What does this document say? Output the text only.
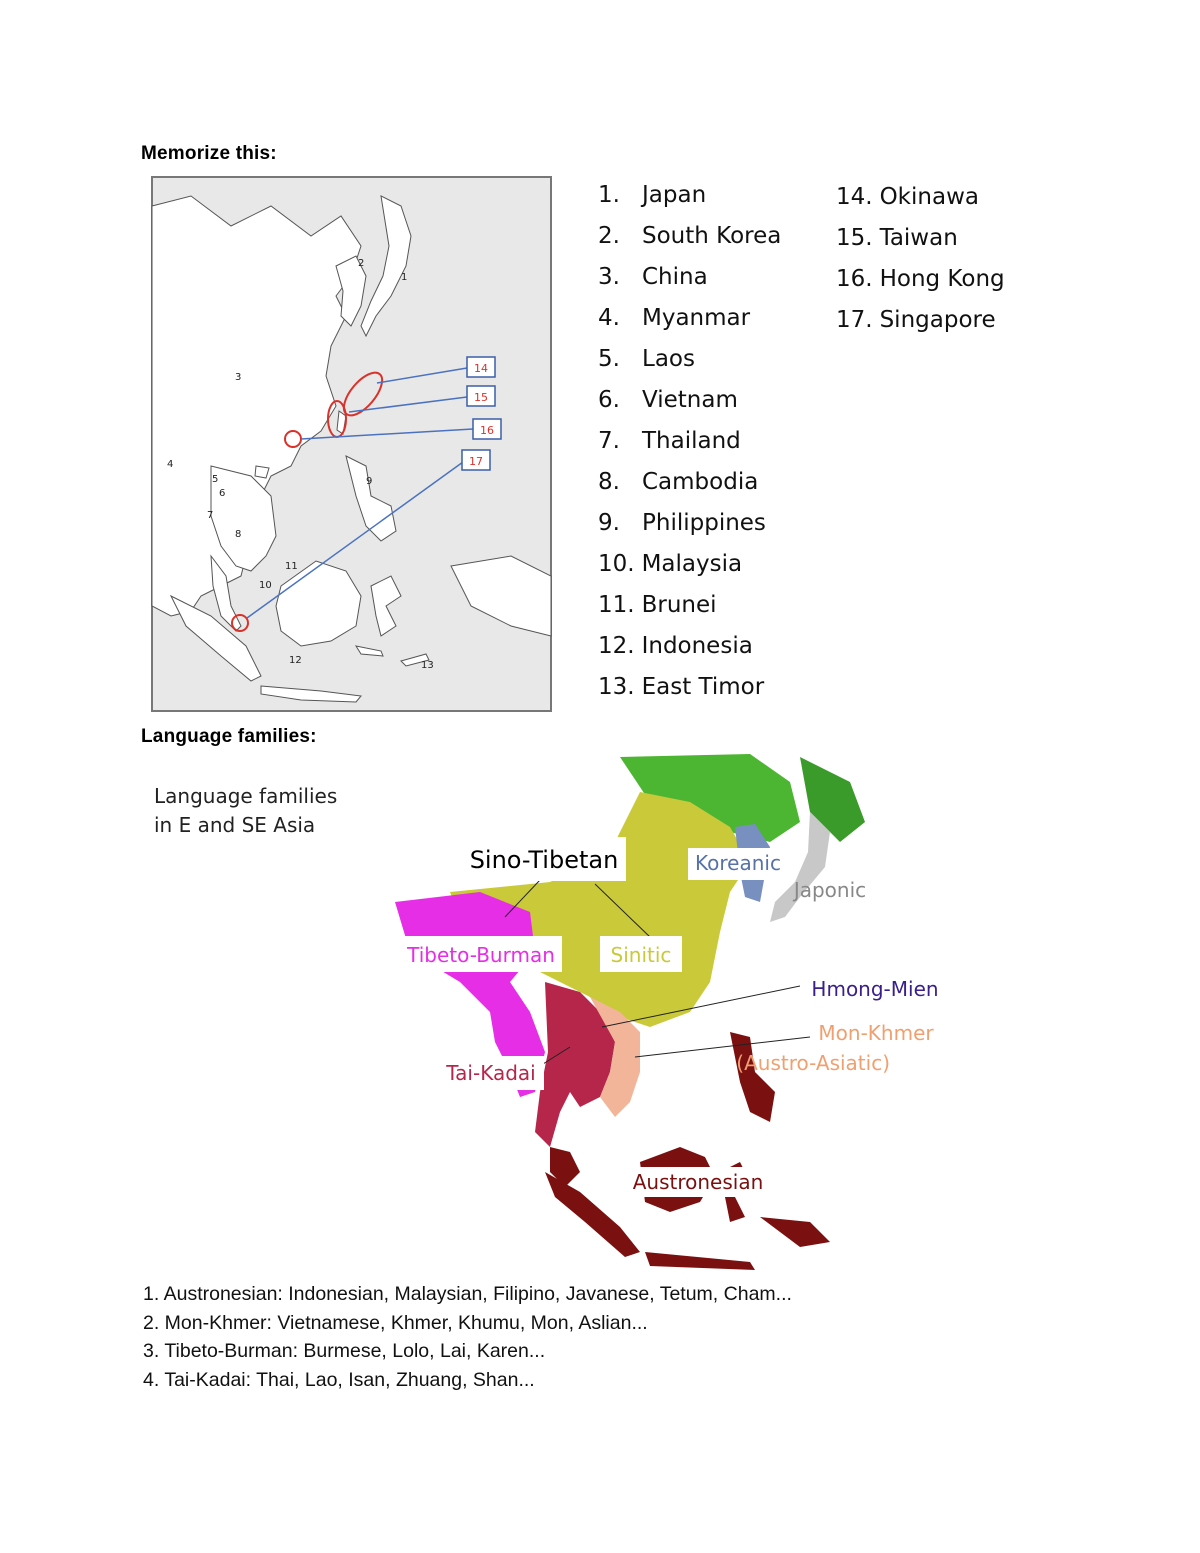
Memorize this:
14
15
16
17
1
2
3
4
5
6
7
8
9
10
11
12	13
1. Japan
2. South Korea
3. China
4. Myanmar
5. Laos
6. Vietnam
7. Thailand
8. Cambodia
9. Philippines
10. Malaysia
11. Brunei
12. Indonesia
13. East Timor
14. Okinawa
15. Taiwan
16. Hong Kong
17. Singapore
Language families:
Language families
in E and SE Asia
Sino-Tibetan	Koreanic
Japonic
Tibeto-Burman	Sinitic
Hmong-Mien
Mon-Khmer
(Austro-Asiatic)
Tai-Kadai
Austronesian
1. Austronesian: Indonesian, Malaysian, Filipino, Javanese, Tetum, Cham...
2. Mon-Khmer: Vietnamese, Khmer, Khumu, Mon, Aslian...
3. Tibeto-Burman: Burmese, Lolo, Lai, Karen...
4. Tai-Kadai: Thai, Lao, Isan, Zhuang, Shan...
